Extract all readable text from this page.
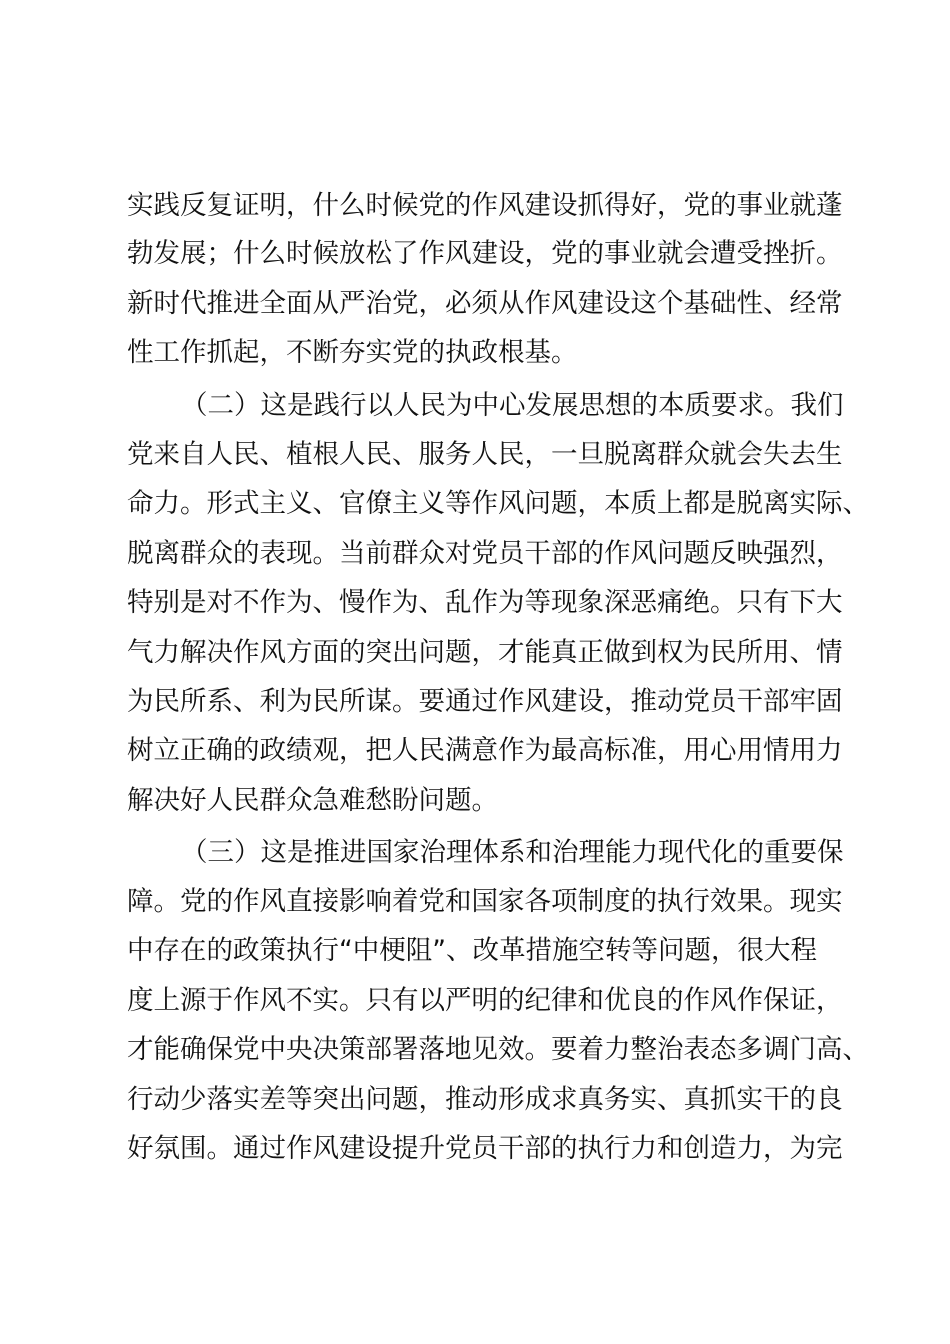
实践反复证明，什么时候党的作风建设抓得好，党的事业就蓬
勃发展；什么时候放松了作风建设，党的事业就会遭受挫折。
新时代推进全面从严治党，必须从作风建设这个基础性、经常
性工作抓起，不断夯实党的执政根基。
（二）这是践行以人民为中心发展思想的本质要求。我们
党来自人民、植根人民、服务人民，一旦脱离群众就会失去生
命力。形式主义、官僚主义等作风问题，本质上都是脱离实际、
脱离群众的表现。当前群众对党员干部的作风问题反映强烈，
特别是对不作为、慢作为、乱作为等现象深恶痛绝。只有下大
气力解决作风方面的突出问题，才能真正做到权为民所用、情
为民所系、利为民所谋。要通过作风建设，推动党员干部牢固
树立正确的政绩观，把人民满意作为最高标准，用心用情用力
解决好人民群众急难愁盼问题。
（三）这是推进国家治理体系和治理能力现代化的重要保
障。党的作风直接影响着党和国家各项制度的执行效果。现实
中存在的政策执行“中梗阻”、改革措施空转等问题，很大程
度上源于作风不实。只有以严明的纪律和优良的作风作保证，
才能确保党中央决策部署落地见效。要着力整治表态多调门高、
行动少落实差等突出问题，推动形成求真务实、真抓实干的良
好氛围。通过作风建设提升党员干部的执行力和创造力，为完
